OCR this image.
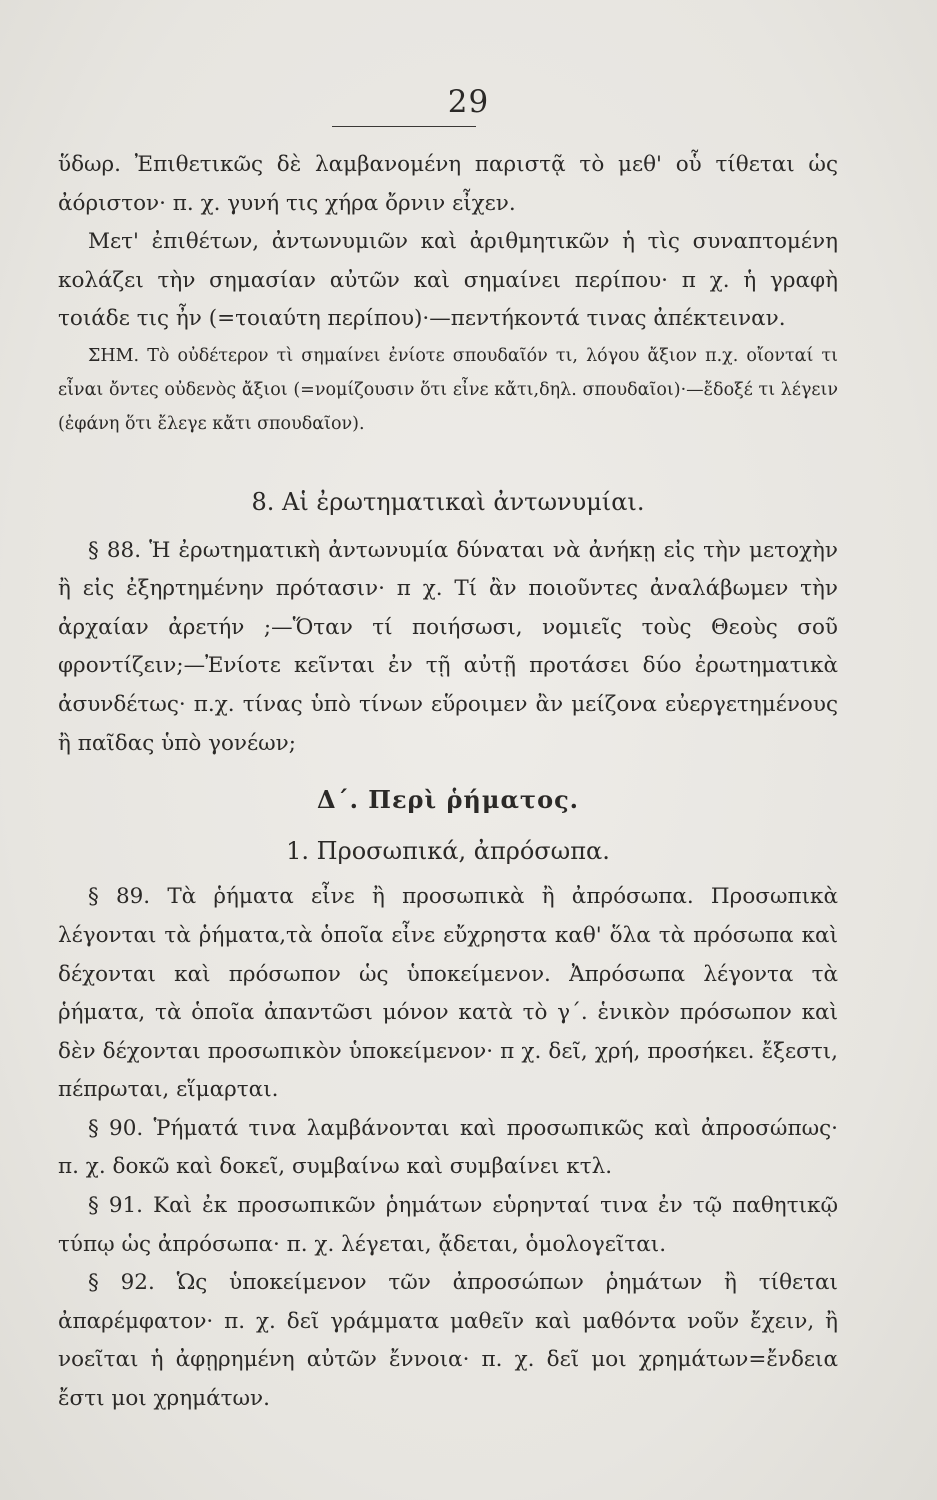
29

ὕδωρ. Ἐπιθετικῶς δὲ λαμβανομένη παριστᾷ τὸ μεθ' οὗ τίθεται ὡς ἀόριστον· π. χ. γυνή τις χήρα ὄρνιν εἶχεν.

Μετ' ἐπιθέτων, ἀντωνυμιῶν καὶ ἀριθμητικῶν ἡ τὶς συναπτομένη κολάζει τὴν σημασίαν αὐτῶν καὶ σημαίνει περίπου· π χ. ἡ γραφὴ τοιάδε τις ἦν (=τοιαύτη περίπου)·—πεντήκοντά τινας ἀπέκτειναν.

ΣΗΜ. Τὸ οὐδέτερον τὶ σημαίνει ἐνίοτε σπουδαῖόν τι, λόγου ἄξιον π.χ. οἴονταί τι εἶναι ὄντες οὐδενὸς ἄξιοι (=νομίζουσιν ὅτι εἶνε κἄτι,δηλ. σπουδαῖοι)·—ἔδοξέ τι λέγειν (ἐφάνη ὅτι ἔλεγε κἄτι σπουδαῖον).

8. Αἱ ἐρωτηματικαὶ ἀντωνυμίαι.

§ 88. Ἡ ἐρωτηματικὴ ἀντωνυμία δύναται νὰ ἀνήκῃ εἰς τὴν μετοχὴν ἢ εἰς ἐξηρτημένην πρότασιν· π χ. Τί ἂν ποιοῦντες ἀναλάβωμεν τὴν ἀρχαίαν ἀρετήν ;—Ὅταν τί ποιήσωσι, νομιεῖς τοὺς Θεοὺς σοῦ φροντίζειν;—Ἐνίοτε κεῖνται ἐν τῇ αὐτῇ προτάσει δύο ἐρωτηματικὰ ἀσυνδέτως· π.χ. τίνας ὑπὸ τίνων εὕροιμεν ἂν μείζονα εὐεργετημένους ἢ παῖδας ὑπὸ γονέων;

Δ΄. Περὶ ῥήματος.
1. Προσωπικά, ἀπρόσωπα.

§ 89. Τὰ ῥήματα εἶνε ἢ προσωπικὰ ἢ ἀπρόσωπα. Προσωπικὰ λέγονται τὰ ῥήματα,τὰ ὁποῖα εἶνε εὔχρηστα καθ' ὅλα τὰ πρόσωπα καὶ δέχονται καὶ πρόσωπον ὡς ὑποκείμενον. Ἀπρόσωπα λέγοντα τὰ ῥήματα, τὰ ὁποῖα ἀπαντῶσι μόνον κατὰ τὸ γ΄. ἑνικὸν πρόσωπον καὶ δὲν δέχονται προσωπικὸν ὑποκείμενον· π χ. δεῖ, χρή, προσήκει. ἔξεστι, πέπρωται, εἵμαρται.

§ 90. Ῥήματά τινα λαμβάνονται καὶ προσωπικῶς καὶ ἀπροσώπως· π. χ. δοκῶ καὶ δοκεῖ, συμβαίνω καὶ συμβαίνει κτλ.

§ 91. Καὶ ἐκ προσωπικῶν ῥημάτων εὑρηνταί τινα ἐν τῷ παθητικῷ τύπῳ ὡς ἀπρόσωπα· π. χ. λέγεται, ᾄδεται, ὁμολογεῖται.

§ 92. Ὡς ὑποκείμενον τῶν ἀπροσώπων ῥημάτων ἢ τίθεται ἀπαρέμφατον· π. χ. δεῖ γράμματα μαθεῖν καὶ μαθόντα νοῦν ἔχειν, ἢ νοεῖται ἡ ἀφῃρημένη αὐτῶν ἔννοια· π. χ. δεῖ μοι χρημάτων=ἔνδεια ἔστι μοι χρημάτων.
